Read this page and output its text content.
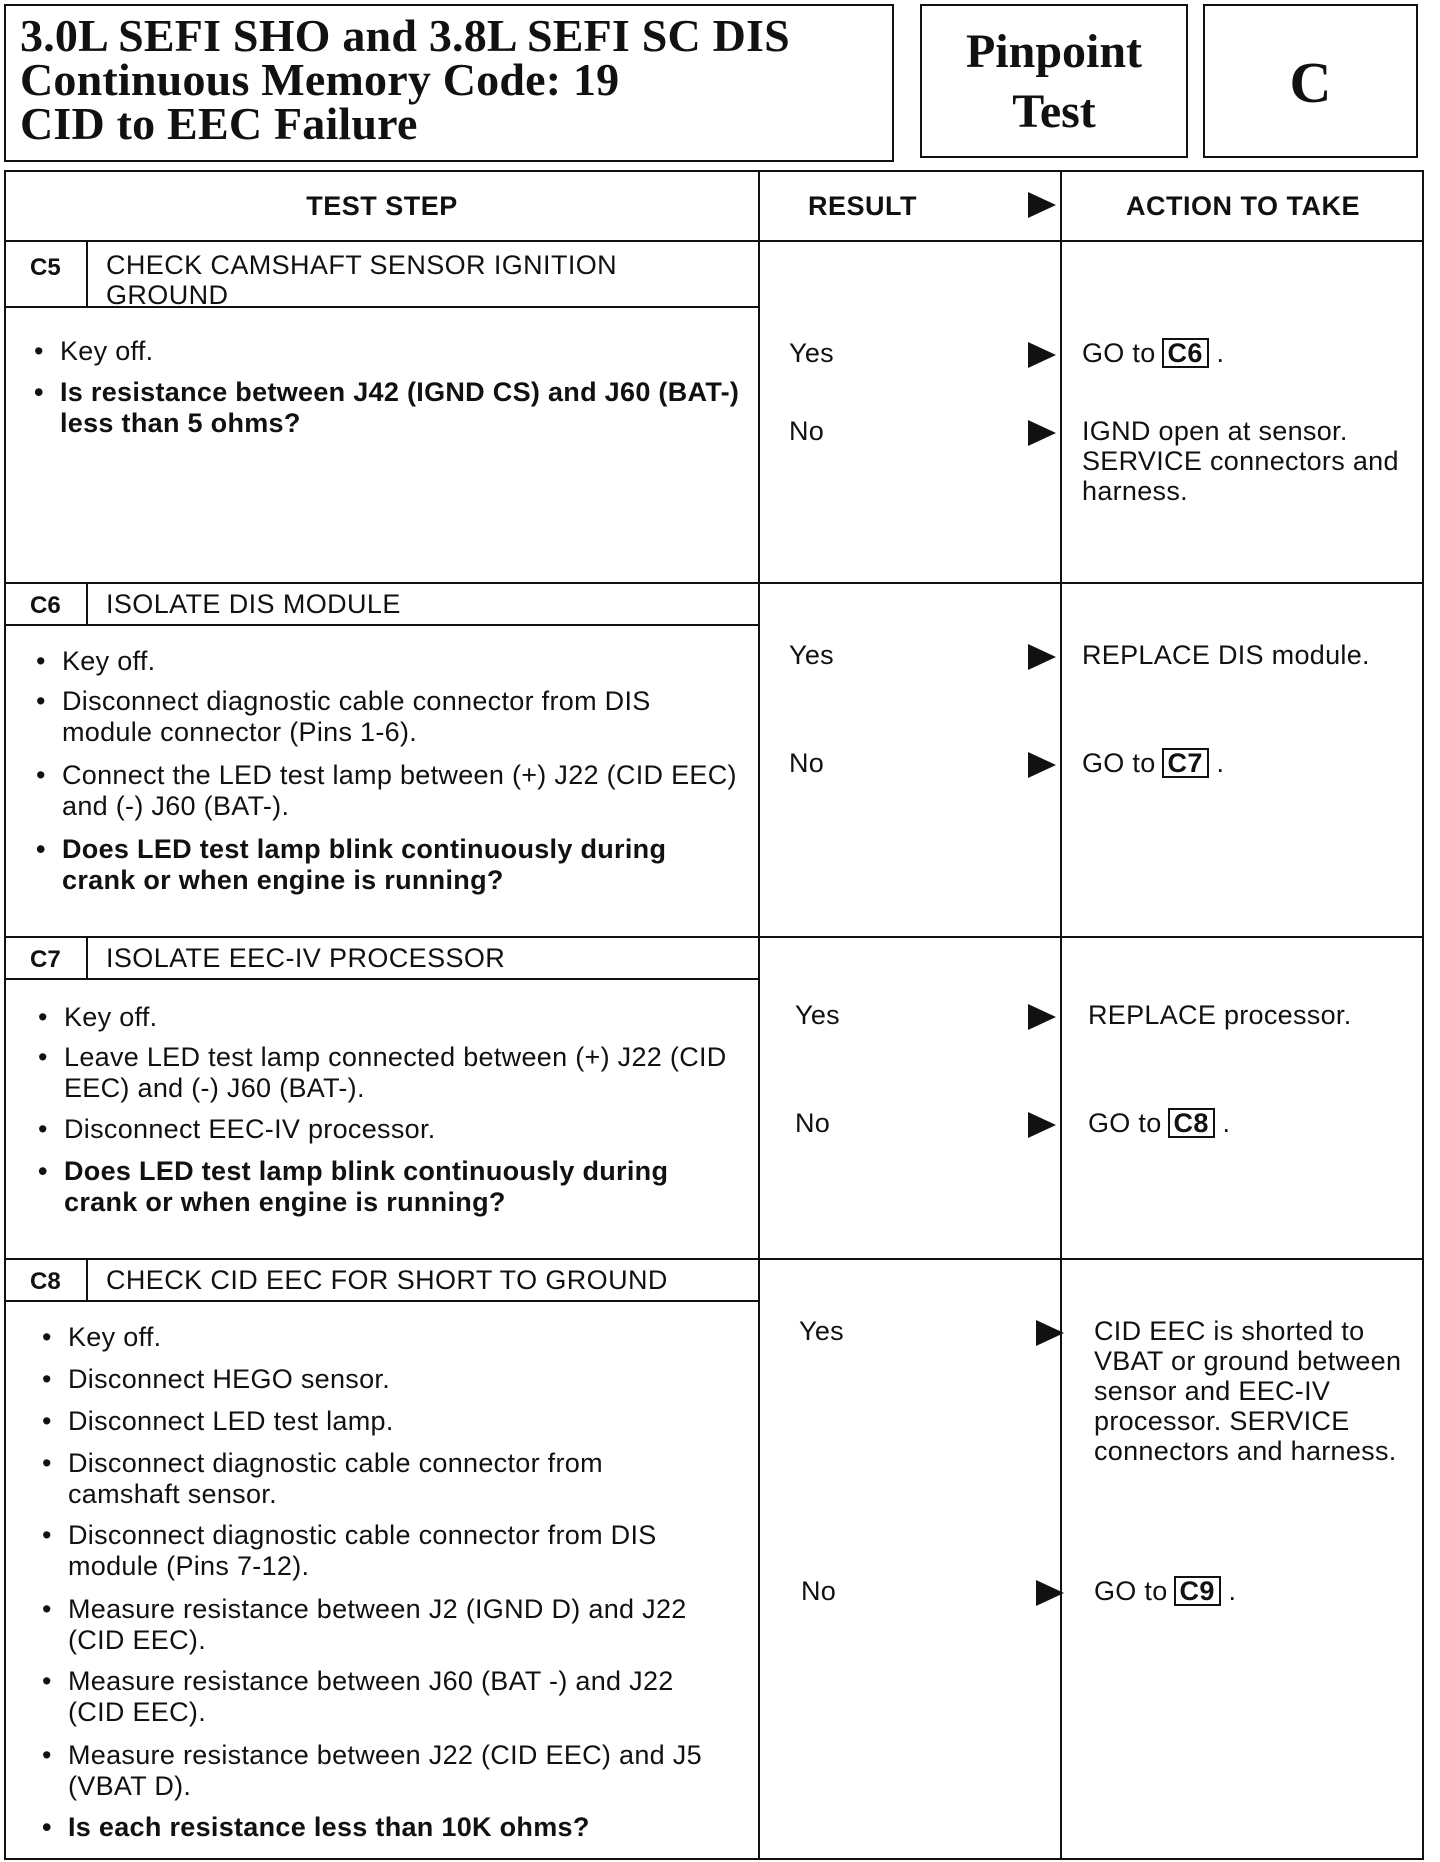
3.0L SEFI SHO and 3.8L SEFI SC DIS
Continuous Memory Code: 19
CID to EEC Failure
Pinpoint
Test	C
TEST STEP	RESULT	ACTION TO TAKE
C5	CHECK CAMSHAFT SENSOR IGNITION GROUND
• Key off.
• Is resistance between J42 (IGND CS) and J60 (BAT-) less than 5 ohms?
Yes	GO to C6 .
No	IGND open at sensor. SERVICE connectors and harness.
C6	ISOLATE DIS MODULE
• Key off.
• Disconnect diagnostic cable connector from DIS module connector (Pins 1-6).
• Connect the LED test lamp between (+) J22 (CID EEC) and (-) J60 (BAT-).
• Does LED test lamp blink continuously during crank or when engine is running?
Yes	REPLACE DIS module.
No	GO to C7 .
C7	ISOLATE EEC-IV PROCESSOR
• Key off.
• Leave LED test lamp connected between (+) J22 (CID EEC) and (-) J60 (BAT-).
• Disconnect EEC-IV processor.
• Does LED test lamp blink continuously during crank or when engine is running?
Yes	REPLACE processor.
No	GO to C8 .
C8	CHECK CID EEC FOR SHORT TO GROUND
• Key off.
• Disconnect HEGO sensor.
• Disconnect LED test lamp.
• Disconnect diagnostic cable connector from camshaft sensor.
• Disconnect diagnostic cable connector from DIS module (Pins 7-12).
• Measure resistance between J2 (IGND D) and J22 (CID EEC).
• Measure resistance between J60 (BAT -) and J22 (CID EEC).
• Measure resistance between J22 (CID EEC) and J5 (VBAT D).
• Is each resistance less than 10K ohms?
Yes	CID EEC is shorted to VBAT or ground between sensor and EEC-IV processor. SERVICE connectors and harness.
No	GO to C9 .
